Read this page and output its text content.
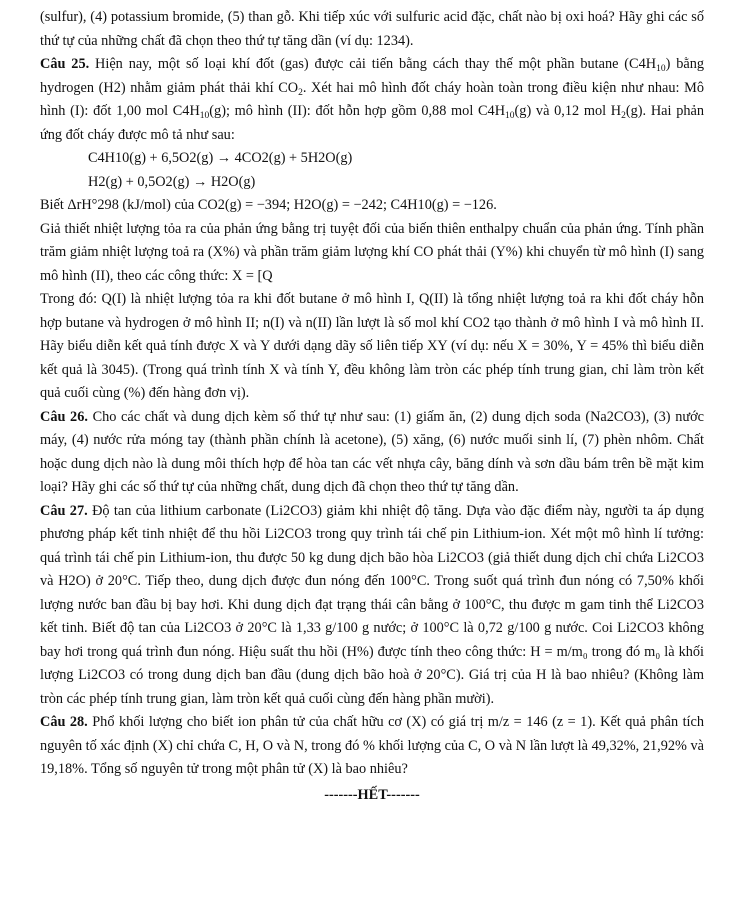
(sulfur), (4) potassium bromide, (5) than gỗ. Khi tiếp xúc với sulfuric acid đặc, chất nào bị oxi hoá? Hãy ghi các số thứ tự của những chất đã chọn theo thứ tự tăng dần (ví dụ: 1234).

Câu 25. Hiện nay, một số loại khí đốt (gas) được cải tiến bằng cách thay thế một phần butane $(C4H_{10})$ bằng hydrogen (H2) nhằm giảm phát thải khí $CO_2$. Xét hai mô hình đốt cháy hoàn toàn trong điều kiện như nhau: Mô hình (I): đốt 1,00 mol $C4H_{10}(g)$; mô hình (II): đốt hỗn hợp gồm 0,88 mol $C4H_{10}(g)$ và 0,12 mol $H_2(g)$. Hai phản ứng đốt cháy được mô tả như sau:

C4H10(g) + 6,5O2(g) → 4CO2(g) + 5H2O(g)

H2(g) + 0,5O2(g) → H2O(g)

Biết ΔrH°298 (kJ/mol) của CO2(g) = −394; H2O(g) = −242; C4H10(g) = −126.

Giả thiết nhiệt lượng tỏa ra của phản ứng bằng trị tuyệt đối của biến thiên enthalpy chuẩn của phản ứng. Tính phần trăm giảm nhiệt lượng toả ra (X%) và phần trăm giảm lượng khí CO phát thải (Y%) khi chuyển từ mô hình (I) sang mô hình (II), theo các công thức: X = [Q

Trong đó: Q(I) là nhiệt lượng tỏa ra khi đốt butane ở mô hình I, Q(II) là tổng nhiệt lượng toả ra khi đốt cháy hỗn hợp butane và hydrogen ở mô hình II; n(I) và n(II) lần lượt là số mol khí CO2 tạo thành ở mô hình I và mô hình II. Hãy biểu diễn kết quả tính được X và Y dưới dạng dãy số liên tiếp XY (ví dụ: nếu X = 30%, Y = 45% thì biểu diễn kết quả là 3045). (Trong quá trình tính X và tính Y, đều không làm tròn các phép tính trung gian, chỉ làm tròn kết quả cuối cùng (%) đến hàng đơn vị).

Câu 26. Cho các chất và dung dịch kèm số thứ tự như sau: (1) giấm ăn, (2) dung dịch soda (Na2CO3), (3) nước máy, (4) nước rửa móng tay (thành phần chính là acetone), (5) xăng, (6) nước muối sinh lí, (7) phèn nhôm. Chất hoặc dung dịch nào là dung môi thích hợp để hòa tan các vết nhựa cây, băng dính và sơn dầu bám trên bề mặt kim loại? Hãy ghi các số thứ tự của những chất, dung dịch đã chọn theo thứ tự tăng dần.

Câu 27. Độ tan của lithium carbonate (Li2CO3) giảm khi nhiệt độ tăng. Dựa vào đặc điểm này, người ta áp dụng phương pháp kết tinh nhiệt để thu hồi Li2CO3 trong quy trình tái chế pin Lithium-ion. Xét một mô hình lí tưởng: quá trình tái chế pin Lithium-ion, thu được 50 kg dung dịch bão hòa Li2CO3 (giả thiết dung dịch chỉ chứa Li2CO3 và H2O) ở 20°C. Tiếp theo, dung dịch được đun nóng đến 100°C. Trong suốt quá trình đun nóng có 7,50% khối lượng nước ban đầu bị bay hơi. Khi dung dịch đạt trạng thái cân bằng ở 100°C, thu được m gam tinh thể Li2CO3 kết tinh. Biết độ tan của Li2CO3 ở 20°C là 1,33 g/100 g nước; ở 100°C là 0,72 g/100 g nước. Coi Li2CO3 không bay hơi trong quá trình đun nóng. Hiệu suất thu hồi (H%) được tính theo công thức: H = m/m₀ trong đó m₀ là khối lượng Li2CO3 có trong dung dịch ban đầu (dung dịch bão hoà ở 20°C). Giá trị của H là bao nhiêu? (Không làm tròn các phép tính trung gian, làm tròn kết quả cuối cùng đến hàng phần mười).

Câu 28. Phổ khối lượng cho biết ion phân tử của chất hữu cơ (X) có giá trị m/z = 146 (z = 1). Kết quả phân tích nguyên tố xác định (X) chỉ chứa C, H, O và N, trong đó % khối lượng của C, O và N lần lượt là 49,32%, 21,92% và 19,18%. Tổng số nguyên tử trong một phân tử (X) là bao nhiêu?

-------HẾT-------
